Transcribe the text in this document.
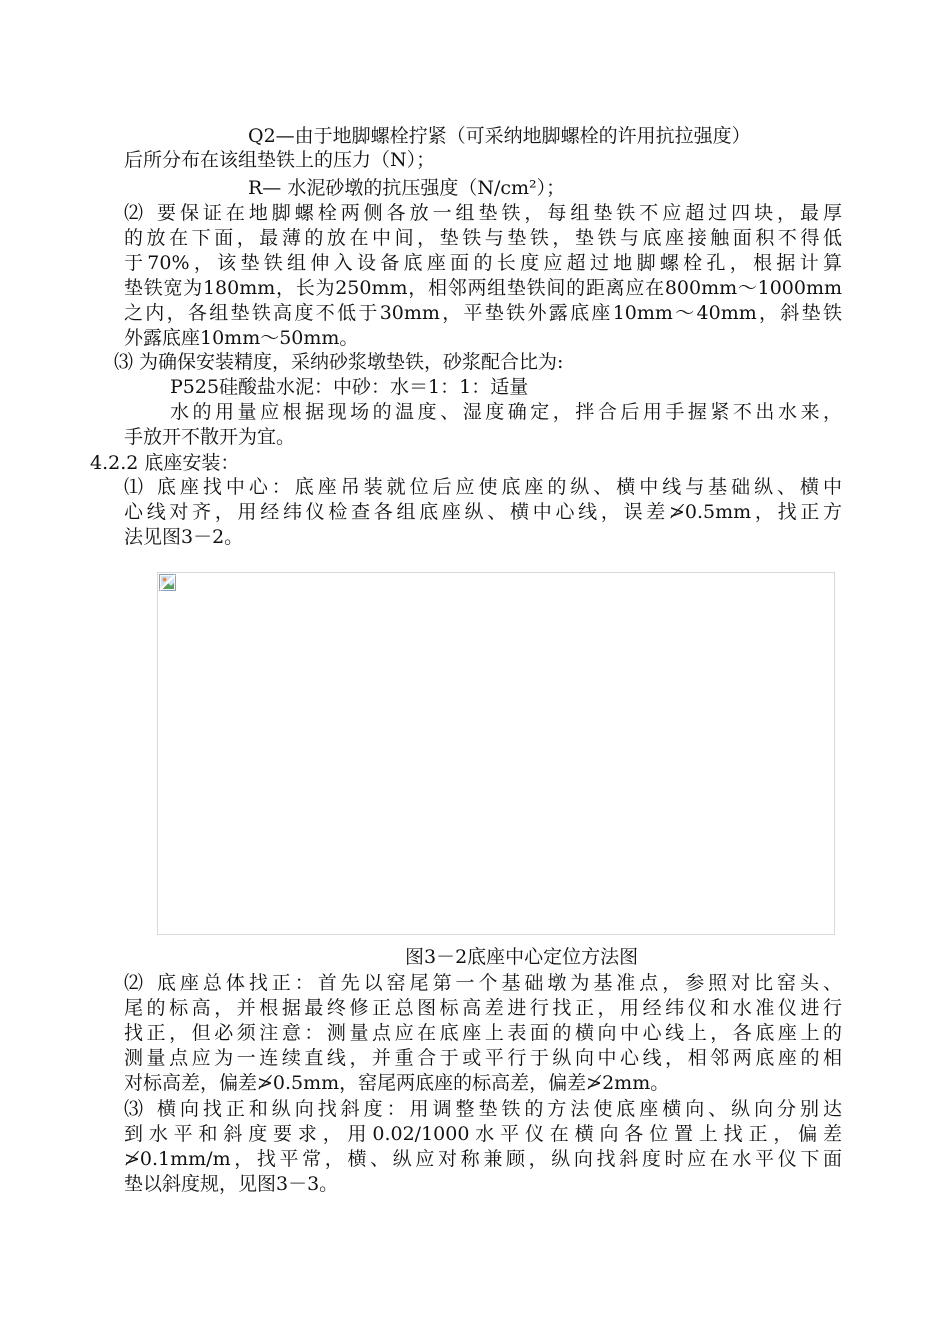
Q2—由于地脚螺栓拧紧（可采纳地脚螺栓的许用抗拉强度）
后所分布在该组垫铁上的压力（N）；
R— 水泥砂墩的抗压强度（N/cm²）；
⑵ 要保证在地脚螺栓两侧各放一组垫铁，每组垫铁不应超过四块，最厚
的放在下面，最薄的放在中间，垫铁与垫铁，垫铁与底座接触面积不得低
于70%，该垫铁组伸入设备底座面的长度应超过地脚螺栓孔，根据计算
垫铁宽为180mm，长为250mm，相邻两组垫铁间的距离应在800mm～1000mm
之内，各组垫铁高度不低于30mm，平垫铁外露底座10mm～40mm，斜垫铁
外露底座10mm～50mm。
⑶ 为确保安装精度，采纳砂浆墩垫铁，砂浆配合比为:
P525硅酸盐水泥：中砂：水＝1：1：适量
水的用量应根据现场的温度、湿度确定，拌合后用手握紧不出水来，
手放开不散开为宜。
4.2.2 底座安装：
⑴ 底座找中心：底座吊装就位后应使底座的纵、横中线与基础纵、横中
心线对齐，用经纬仪检查各组底座纵、横中心线，误差≯0.5mm，找正方
法见图3－2。
图3－2底座中心定位方法图
⑵ 底座总体找正：首先以窑尾第一个基础墩为基准点，参照对比窑头、
尾的标高，并根据最终修正总图标高差进行找正，用经纬仪和水准仪进行
找正，但必须注意：测量点应在底座上表面的横向中心线上，各底座上的
测量点应为一连续直线，并重合于或平行于纵向中心线，相邻两底座的相
对标高差，偏差≯0.5mm，窑尾两底座的标高差，偏差≯2mm。
⑶ 横向找正和纵向找斜度：用调整垫铁的方法使底座横向、纵向分别达
到水平和斜度要求，用0.02/1000水平仪在横向各位置上找正，偏差
≯0.1mm/m，找平常，横、纵应对称兼顾，纵向找斜度时应在水平仪下面
垫以斜度规，见图3－3。
